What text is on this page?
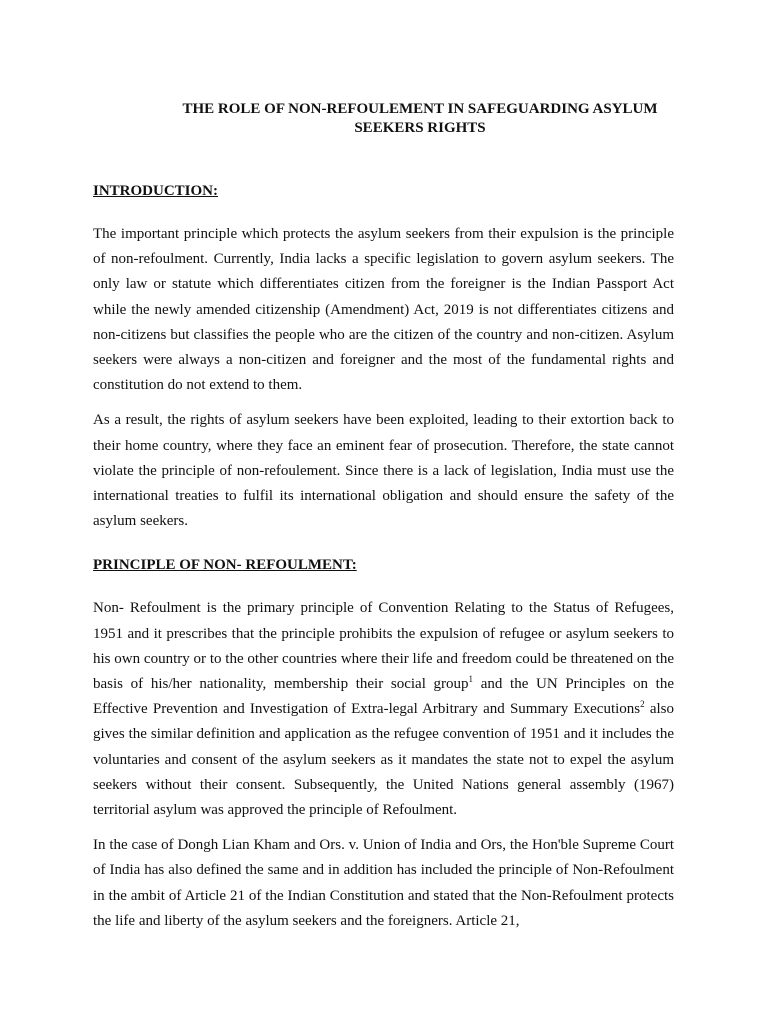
THE ROLE OF NON-REFOULEMENT IN SAFEGUARDING ASYLUM
SEEKERS RIGHTS

INTRODUCTION:

The important principle which protects the asylum seekers from their expulsion is the principle of non-refoulment. Currently, India lacks a specific legislation to govern asylum seekers. The only law or statute which differentiates citizen from the foreigner is the Indian Passport Act while the newly amended citizenship (Amendment) Act, 2019 is not differentiates citizens and non-citizens but classifies the people who are the citizen of the country and non-citizen. Asylum seekers were always a non-citizen and foreigner and the most of the fundamental rights and constitution do not extend to them.

As a result, the rights of asylum seekers have been exploited, leading to their extortion back to their home country, where they face an eminent fear of prosecution. Therefore, the state cannot violate the principle of non-refoulement. Since there is a lack of legislation, India must use the international treaties to fulfil its international obligation and should ensure the safety of the asylum seekers.

PRINCIPLE OF NON- REFOULMENT:

Non- Refoulment is the primary principle of Convention Relating to the Status of Refugees, 1951 and it prescribes that the principle prohibits the expulsion of refugee or asylum seekers to his own country or to the other countries where their life and freedom could be threatened on the basis of his/her nationality, membership their social group$^1$ and the UN Principles on the Effective Prevention and Investigation of Extra-legal Arbitrary and Summary Executions$^2$ also gives the similar definition and application as the refugee convention of 1951 and it includes the voluntaries and consent of the asylum seekers as it mandates the state not to expel the asylum seekers without their consent. Subsequently, the United Nations general assembly (1967) territorial asylum was approved the principle of Refoulment.

In the case of Dongh Lian Kham and Ors. v. Union of India and Ors, the Hon'ble Supreme Court of India has also defined the same and in addition has included the principle of Non-Refoulment in the ambit of Article 21 of the Indian Constitution and stated that the Non-Refoulment protects the life and liberty of the asylum seekers and the foreigners. Article 21,
